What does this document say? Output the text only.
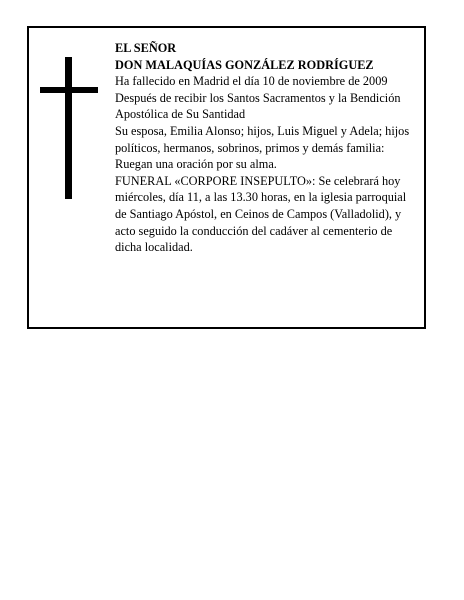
EL SEÑOR

DON MALAQUÍAS GONZÁLEZ RODRÍGUEZ

Ha fallecido en Madrid el día 10 de noviembre de 2009

Después de recibir los Santos Sacramentos y la Bendición Apostólica de Su Santidad

Su esposa, Emilia Alonso; hijos, Luis Miguel y Adela; hijos políticos, hermanos, sobrinos, primos y demás familia:

Ruegan una oración por su alma.

FUNERAL «CORPORE INSEPULTO»: Se celebrará hoy miércoles, día 11, a las 13.30 horas, en la iglesia parroquial de Santiago Apóstol, en Ceinos de Campos (Valladolid), y acto seguido la conducción del cadáver al cementerio de dicha localidad.
